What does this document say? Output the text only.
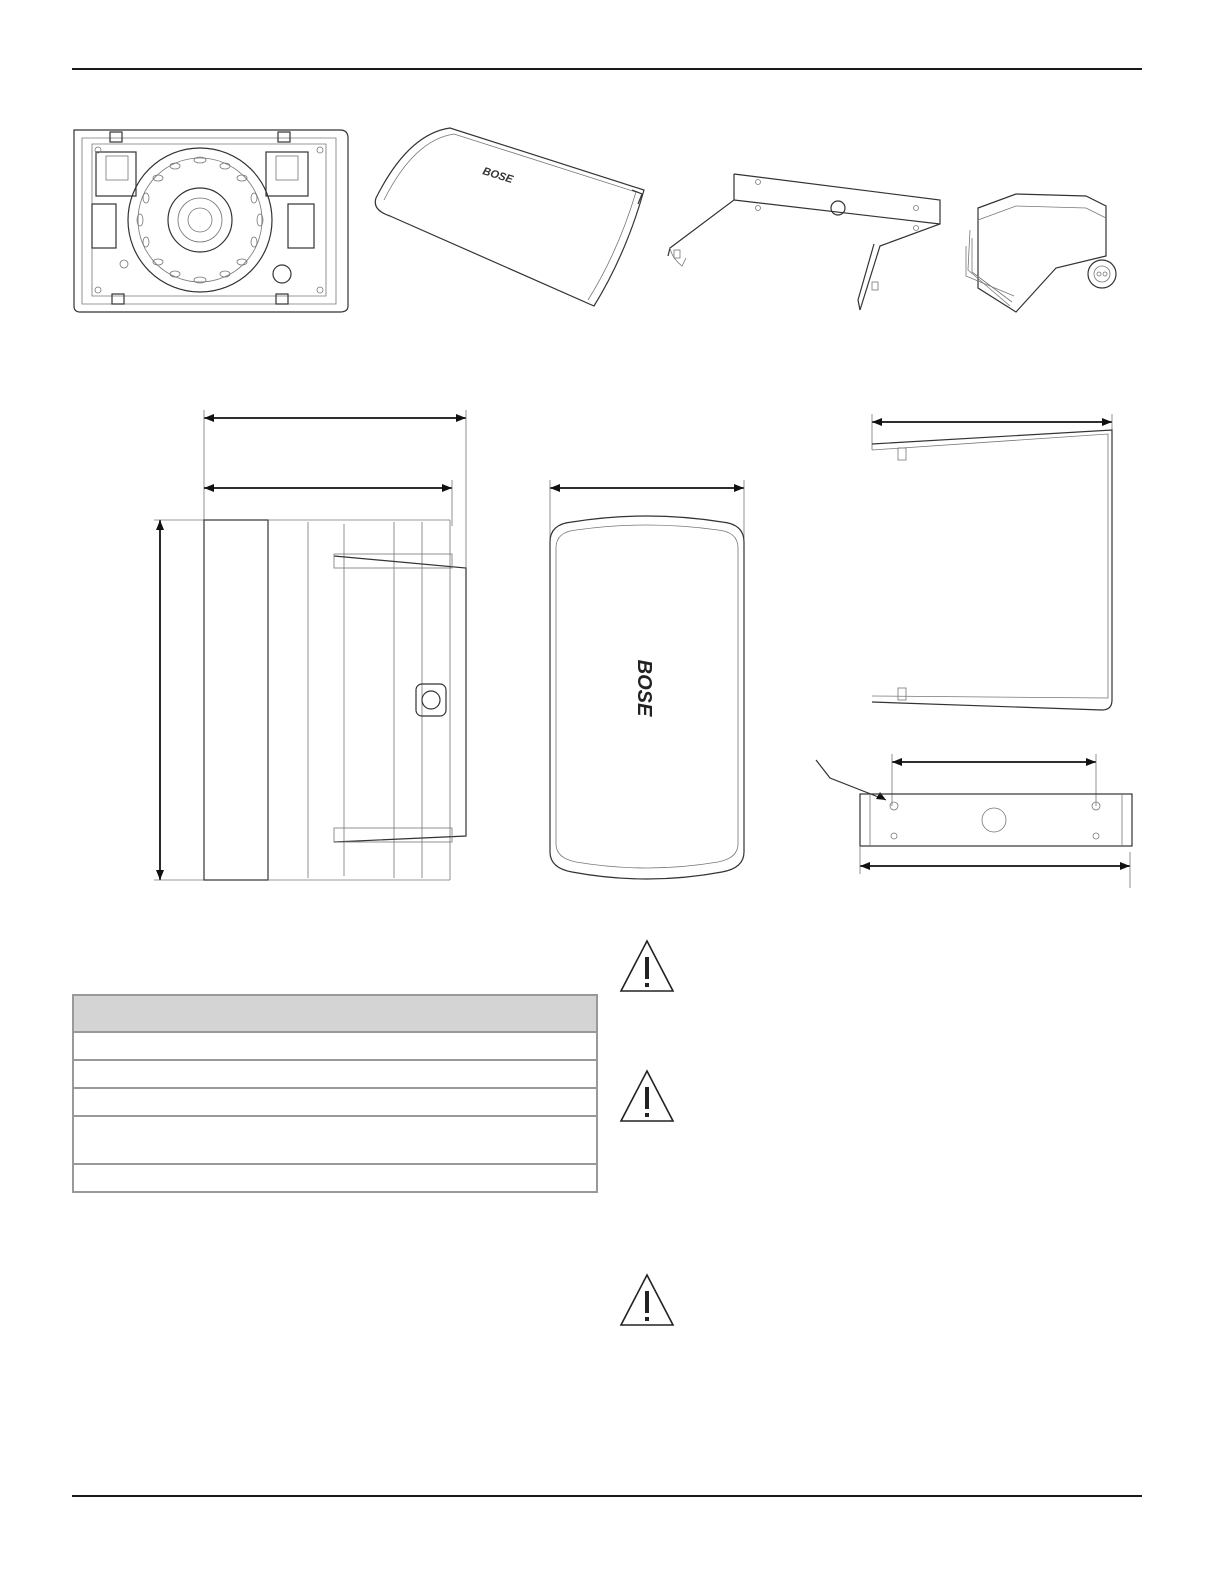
BOSE
BOSE
